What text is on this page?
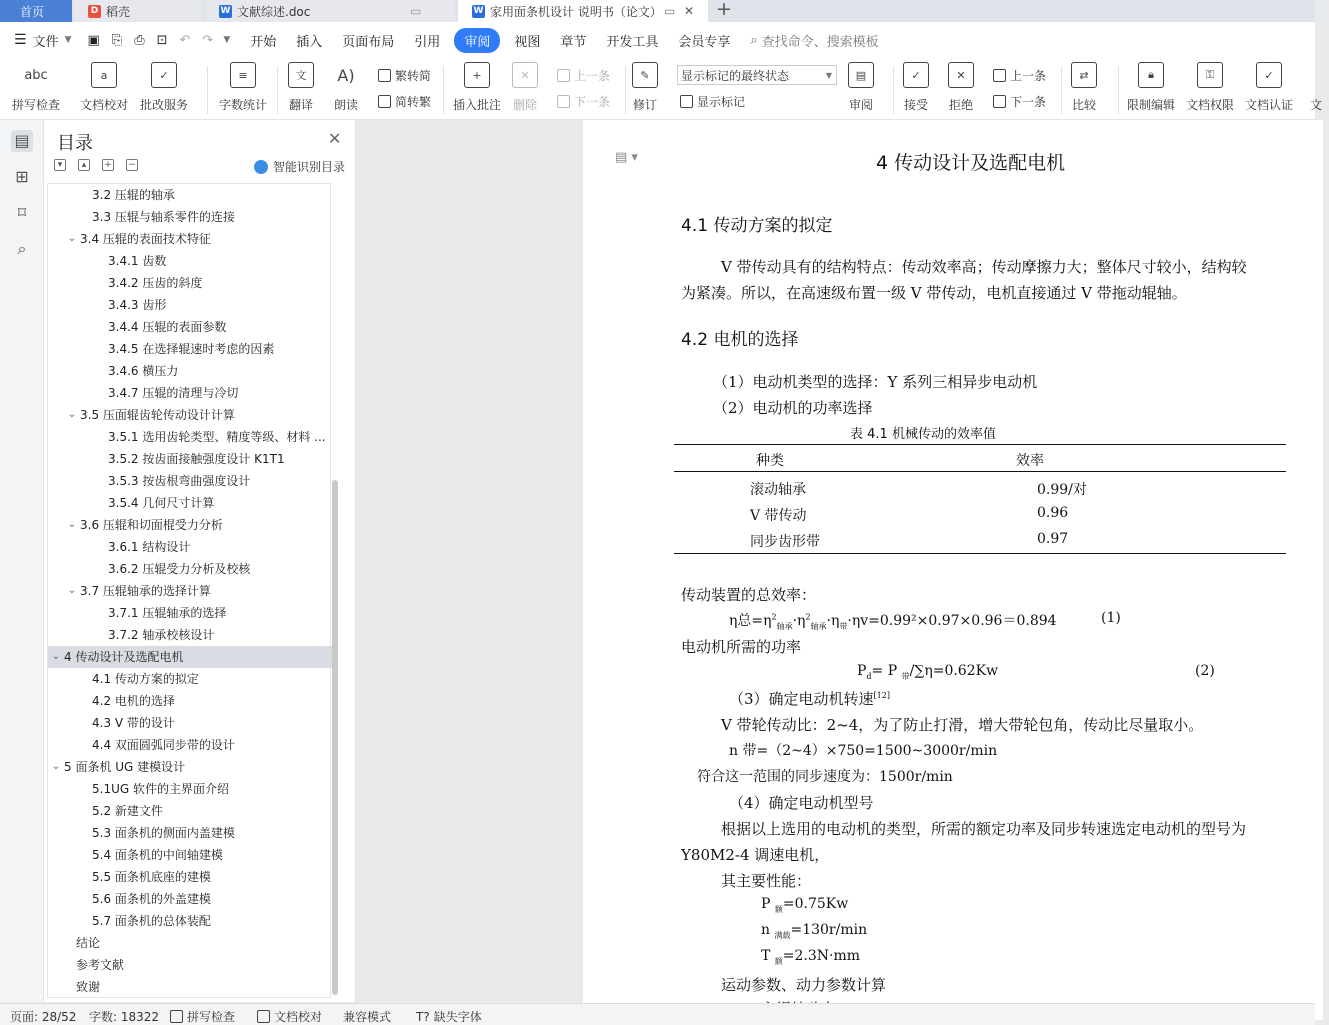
首页	D 稻壳	W 文献综述.doc	▭	W 家用面条机设计 说明书（论文） ▭ ✕ +
☰ 文件 ▼	▣ ⎘ ⎙ ⊡ ↶ ↷	▼	开始	插入	页面布局	引用	审阅	视图	章节	开发工具	会员专享	⌕ 查找命令、搜索模板
abc
拼写检查
a
文档校对
✓
批改服务
≡
字数统计
文
翻译
A)
朗读
繁转简
简转繁
+
插入批注
✕
删除
上一条
下一条
✎
修订
显示标记的最终状态	▼
显示标记
▤
审阅
✓
接受
✕
拒绝
上一条
下一条
⇄
比较
🔒︎
限制编辑
⚿
文档权限
✓
文档认证 文
▤
⊞
⌑
⌕
目录	✕
▾	▴	+ −	智能识别目录
3.2 压辊的轴承
3.3 压辊与轴系零件的连接
⌄ 3.4 压辊的表面技术特征
3.4.1 齿数
3.4.2 压齿的斜度
3.4.3 齿形
3.4.4 压辊的表面参数
3.4.5 在选择辊速时考虑的因素
3.4.6 横压力
3.4.7 压辊的清理与冷切
⌄ 3.5 压面辊齿轮传动设计计算
3.5.1 选用齿轮类型、精度等级、材料 ...
3.5.2 按齿面接触强度设计 K1T1
3.5.3 按齿根弯曲强度设计
3.5.4 几何尺寸计算
⌄ 3.6 压辊和切面棍受力分析
3.6.1 结构设计
3.6.2 压辊受力分析及校核
⌄ 3.7 压辊轴承的选择计算
3.7.1 压辊轴承的选择
3.7.2 轴承校核设计
⌄ 4 传动设计及选配电机
4.1 传动方案的拟定
4.2 电机的选择
4.3 V 带的设计
4.4 双面圆弧同步带的设计
⌄ 5 面条机 UG 建模设计
5.1UG 软件的主界面介绍
5.2 新建文件
5.3 面条机的侧面内盖建模
5.4 面条机的中间轴建模
5.5 面条机底座的建模
5.6 面条机的外盖建模
5.7 面条机的总体装配
结论
参考文献
致谢
▤ ▾	4 传动设计及选配电机
4.1 传动方案的拟定
V 带传动具有的结构特点：传动效率高；传动摩擦力大；整体尺寸较小，结构较
为紧凑。所以，在高速级布置一级 V 带传动，电机直接通过 V 带拖动辊轴。
4.2 电机的选择
（1）电动机类型的选择：Y 系列三相异步电动机
（2）电动机的功率选择
表 4.1 机械传动的效率值
种类	效率
滚动轴承	0.99/对
V 带传动	0.96
同步齿形带	0.97
传动装置的总效率：
η总$=\eta^2_{轴承}\cdot\eta^2_{轴承}\cdot\eta_带\cdot\eta v=0.99^2\times 0.97\times 0.96=0.894$	(1)
电动机所需的功率
$P_d= P$ $_带$/∑η=0.62Kw	(2)
（3）确定电动机转速[12]
V 带轮传动比：2~4，为了防止打滑，增大带轮包角，传动比尽量取小。
n 带=（2~4）×750=1500~3000r/min
符合这一范围的同步速度为：1500r/min
（4）确定电动机型号
根据以上选用的电动机的类型，所需的额定功率及同步转速选定电动机的型号为
Y80M2-4 调速电机，
其主要性能：
P $_额$=0.75Kw
n $_{满载}$=130r/min
T $_额$=2.3N·mm
运动参数、动力参数计算
页面: 28/52 字数: 18322 拼写检查	文档校对 兼容模式 T? 缺失字体
